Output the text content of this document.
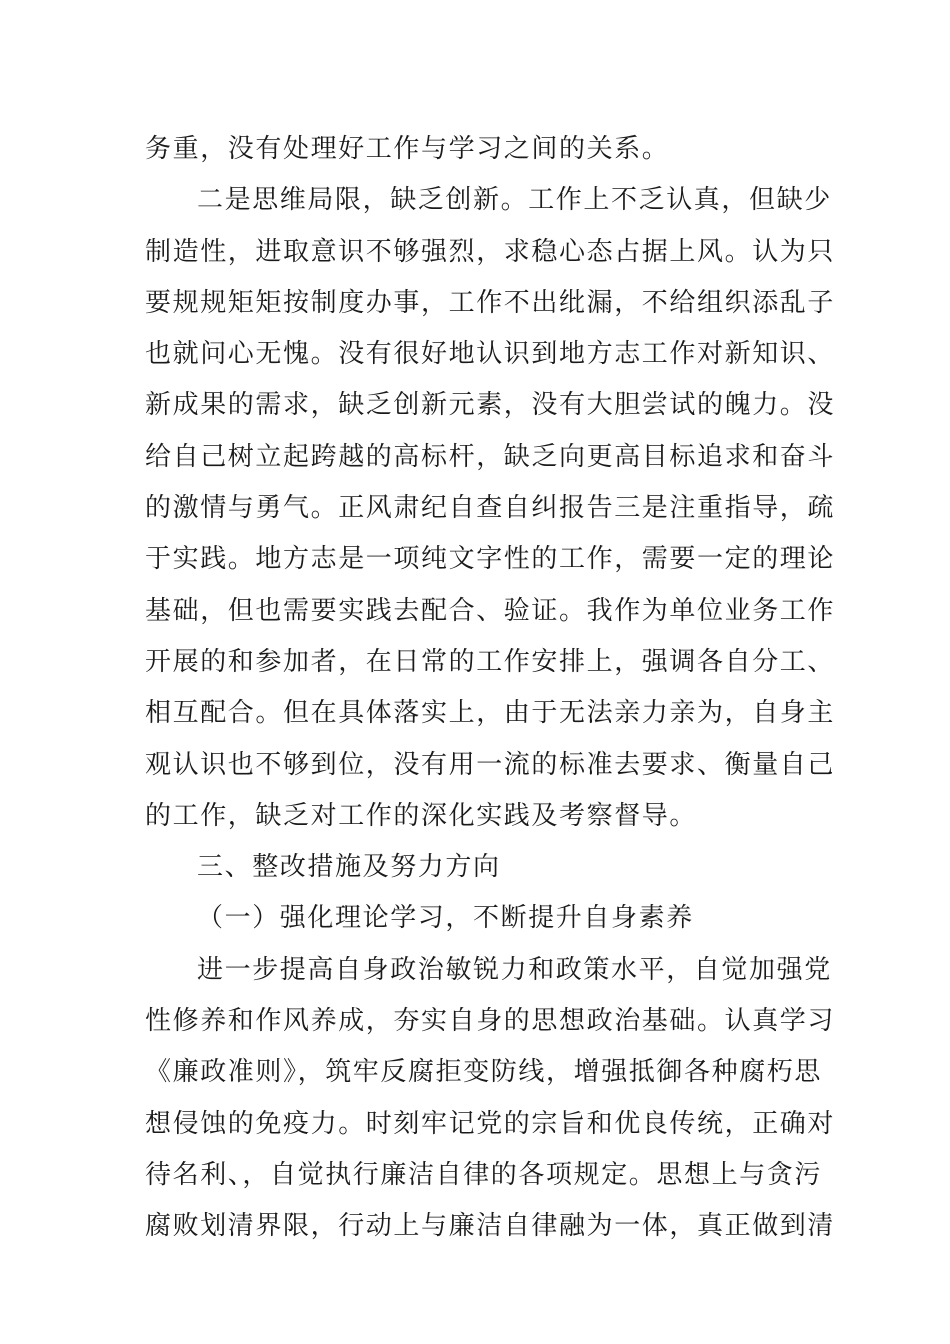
务重，没有处理好工作与学习之间的关系。
二是思维局限，缺乏创新。工作上不乏认真，但缺少
制造性，进取意识不够强烈，求稳心态占据上风。认为只
要规规矩矩按制度办事，工作不出纰漏，不给组织添乱子
也就问心无愧。没有很好地认识到地方志工作对新知识、
新成果的需求，缺乏创新元素，没有大胆尝试的魄力。没
给自己树立起跨越的高标杆，缺乏向更高目标追求和奋斗
的激情与勇气。正风肃纪自查自纠报告三是注重指导，疏
于实践。地方志是一项纯文字性的工作，需要一定的理论
基础，但也需要实践去配合、验证。我作为单位业务工作
开展的和参加者，在日常的工作安排上，强调各自分工、
相互配合。但在具体落实上，由于无法亲力亲为，自身主
观认识也不够到位，没有用一流的标准去要求、衡量自己
的工作，缺乏对工作的深化实践及考察督导。
三、整改措施及努力方向
（一）强化理论学习，不断提升自身素养
进一步提高自身政治敏锐力和政策水平，自觉加强党
性修养和作风养成，夯实自身的思想政治基础。认真学习
《廉政准则》，筑牢反腐拒变防线，增强抵御各种腐朽思
想侵蚀的免疫力。时刻牢记党的宗旨和优良传统，正确对
待名利、，自觉执行廉洁自律的各项规定。思想上与贪污
腐败划清界限，行动上与廉洁自律融为一体，真正做到清
